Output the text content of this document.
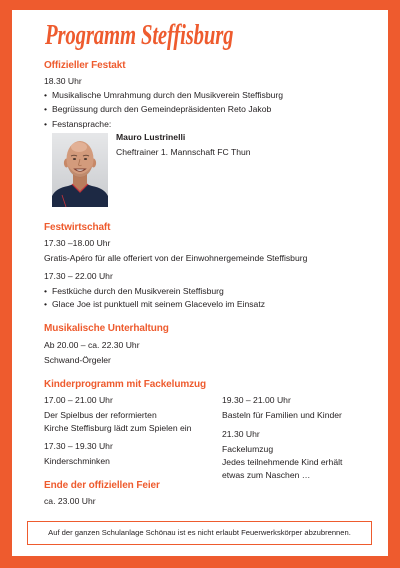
Programm Steffisburg
Offizieller Festakt
18.30 Uhr
• Musikalische Umrahmung durch den Musikverein Steffisburg
• Begrüssung durch den Gemeindepräsidenten Reto Jakob
• Festansprache:
Mauro Lustrinelli
Cheftrainer 1. Mannschaft FC Thun
Festwirtschaft
17.30 –18.00 Uhr
Gratis-Apéro für alle offeriert von der Einwohnergemeinde Steffisburg
17.30 – 22.00 Uhr
• Festküche durch den Musikverein Steffisburg
• Glace Joe ist punktuell mit seinem Glacevelo im Einsatz
Musikalische Unterhaltung
Ab 20.00 – ca. 22.30 Uhr
Schwand-Örgeler
Kinderprogramm mit Fackelumzug
17.00 – 21.00 Uhr
Der Spielbus der reformierten
Kirche Steffisburg lädt zum Spielen ein
17.30 – 19.30 Uhr
Kinderschminken
19.30 – 21.00 Uhr
Basteln für Familien und Kinder
21.30 Uhr
Fackelumzug
Jedes teilnehmende Kind erhält
etwas zum Naschen …
Ende der offiziellen Feier
ca. 23.00 Uhr
Auf der ganzen Schulanlage Schönau ist es nicht erlaubt Feuerwerkskörper abzubrennen.
